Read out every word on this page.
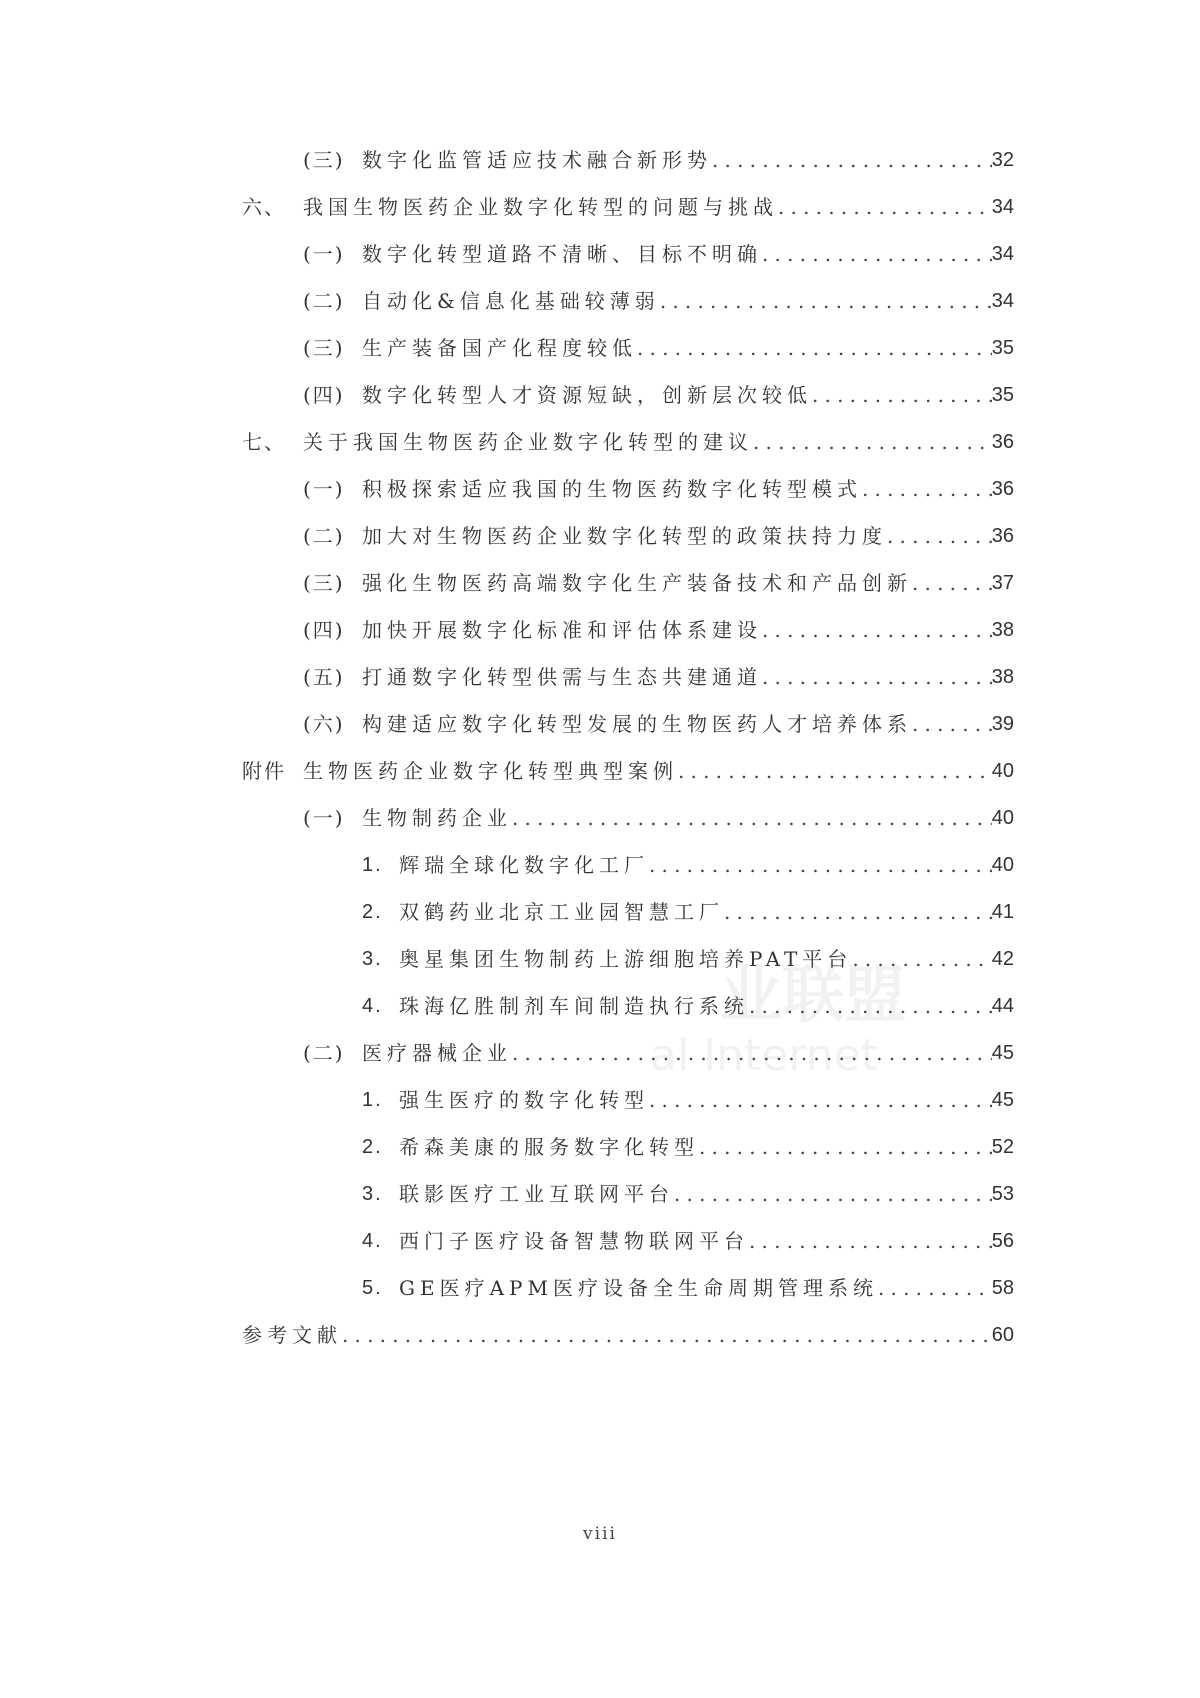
业联盟
al Internet
(三) 数字化监管适应技术融合新形势 .....	32
六、 我国生物医药企业数字化转型的问题与挑战 .....	34
(一) 数字化转型道路不清晰、目标不明确 .....	34
(二) 自动化&信息化基础较薄弱 .....	34
(三) 生产装备国产化程度较低 .....	35
(四) 数字化转型人才资源短缺，创新层次较低 .....	35
七、 关于我国生物医药企业数字化转型的建议 .....	36
(一) 积极探索适应我国的生物医药数字化转型模式 .....	36
(二) 加大对生物医药企业数字化转型的政策扶持力度 .....	36
(三) 强化生物医药高端数字化生产装备技术和产品创新 .....	37
(四) 加快开展数字化标准和评估体系建设 .....	38
(五) 打通数字化转型供需与生态共建通道 .....	38
(六) 构建适应数字化转型发展的生物医药人才培养体系 .....	39
附件 生物医药企业数字化转型典型案例 .....	40
(一) 生物制药企业 .....	40
1. 辉瑞全球化数字化工厂 .....	40
2. 双鹤药业北京工业园智慧工厂 .....	41
3. 奥星集团生物制药上游细胞培养PAT平台 .....	42
4. 珠海亿胜制剂车间制造执行系统 .....	44
(二) 医疗器械企业 .....	45
1. 强生医疗的数字化转型 .....	45
2. 希森美康的服务数字化转型 .....	52
3. 联影医疗工业互联网平台 .....	53
4. 西门子医疗设备智慧物联网平台 .....	56
5. GE医疗APM医疗设备全生命周期管理系统 .....	58
参考文献 .....	60
viii
